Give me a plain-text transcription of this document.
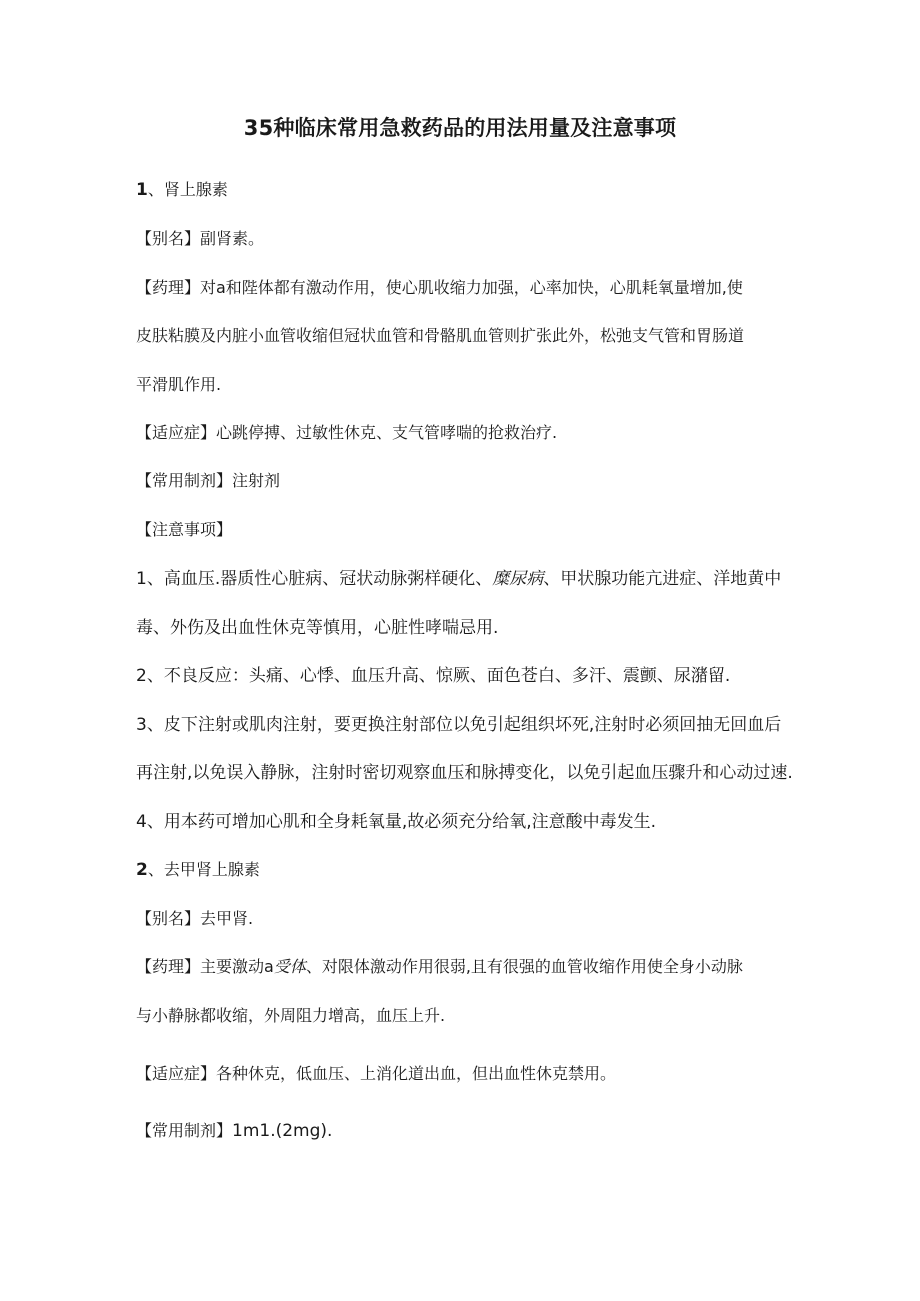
35种临床常用急救药品的用法用量及注意事项
1、肾上腺素
【别名】副肾素。
【药理】对a和陛体都有激动作用，使心肌收缩力加强，心率加快，心肌耗氧量增加,使
皮肤粘膜及内脏小血管收缩但冠状血管和骨骼肌血管则扩张此外，松弛支气管和胃肠道
平滑肌作用.
【适应症】心跳停搏、过敏性休克、支气管哮喘的抢救治疗.
【常用制剂】注射剂
【注意事项】
1、高血压.器质性心脏病、冠状动脉粥样硬化、糜尿病、甲状腺功能亢进症、洋地黄中
毒、外伤及出血性休克等慎用，心脏性哮喘忌用.
2、不良反应：头痛、心悸、血压升高、惊厥、面色苍白、多汗、震颤、尿潴留.
3、皮下注射或肌肉注射，要更换注射部位以免引起组织坏死,注射时必须回抽无回血后
再注射,以免误入静脉，注射时密切观察血压和脉搏变化，以免引起血压骤升和心动过速.
4、用本药可增加心肌和全身耗氧量,故必须充分给氧,注意酸中毒发生.
2、去甲肾上腺素
【别名】去甲肾.
【药理】主要激动a受体、对限体激动作用很弱,且有很强的血管收缩作用使全身小动脉
与小静脉都收缩，外周阻力增高，血压上升.
【适应症】各种休克，低血压、上消化道出血，但出血性休克禁用。
【常用制剂】1m1.(2mg).
